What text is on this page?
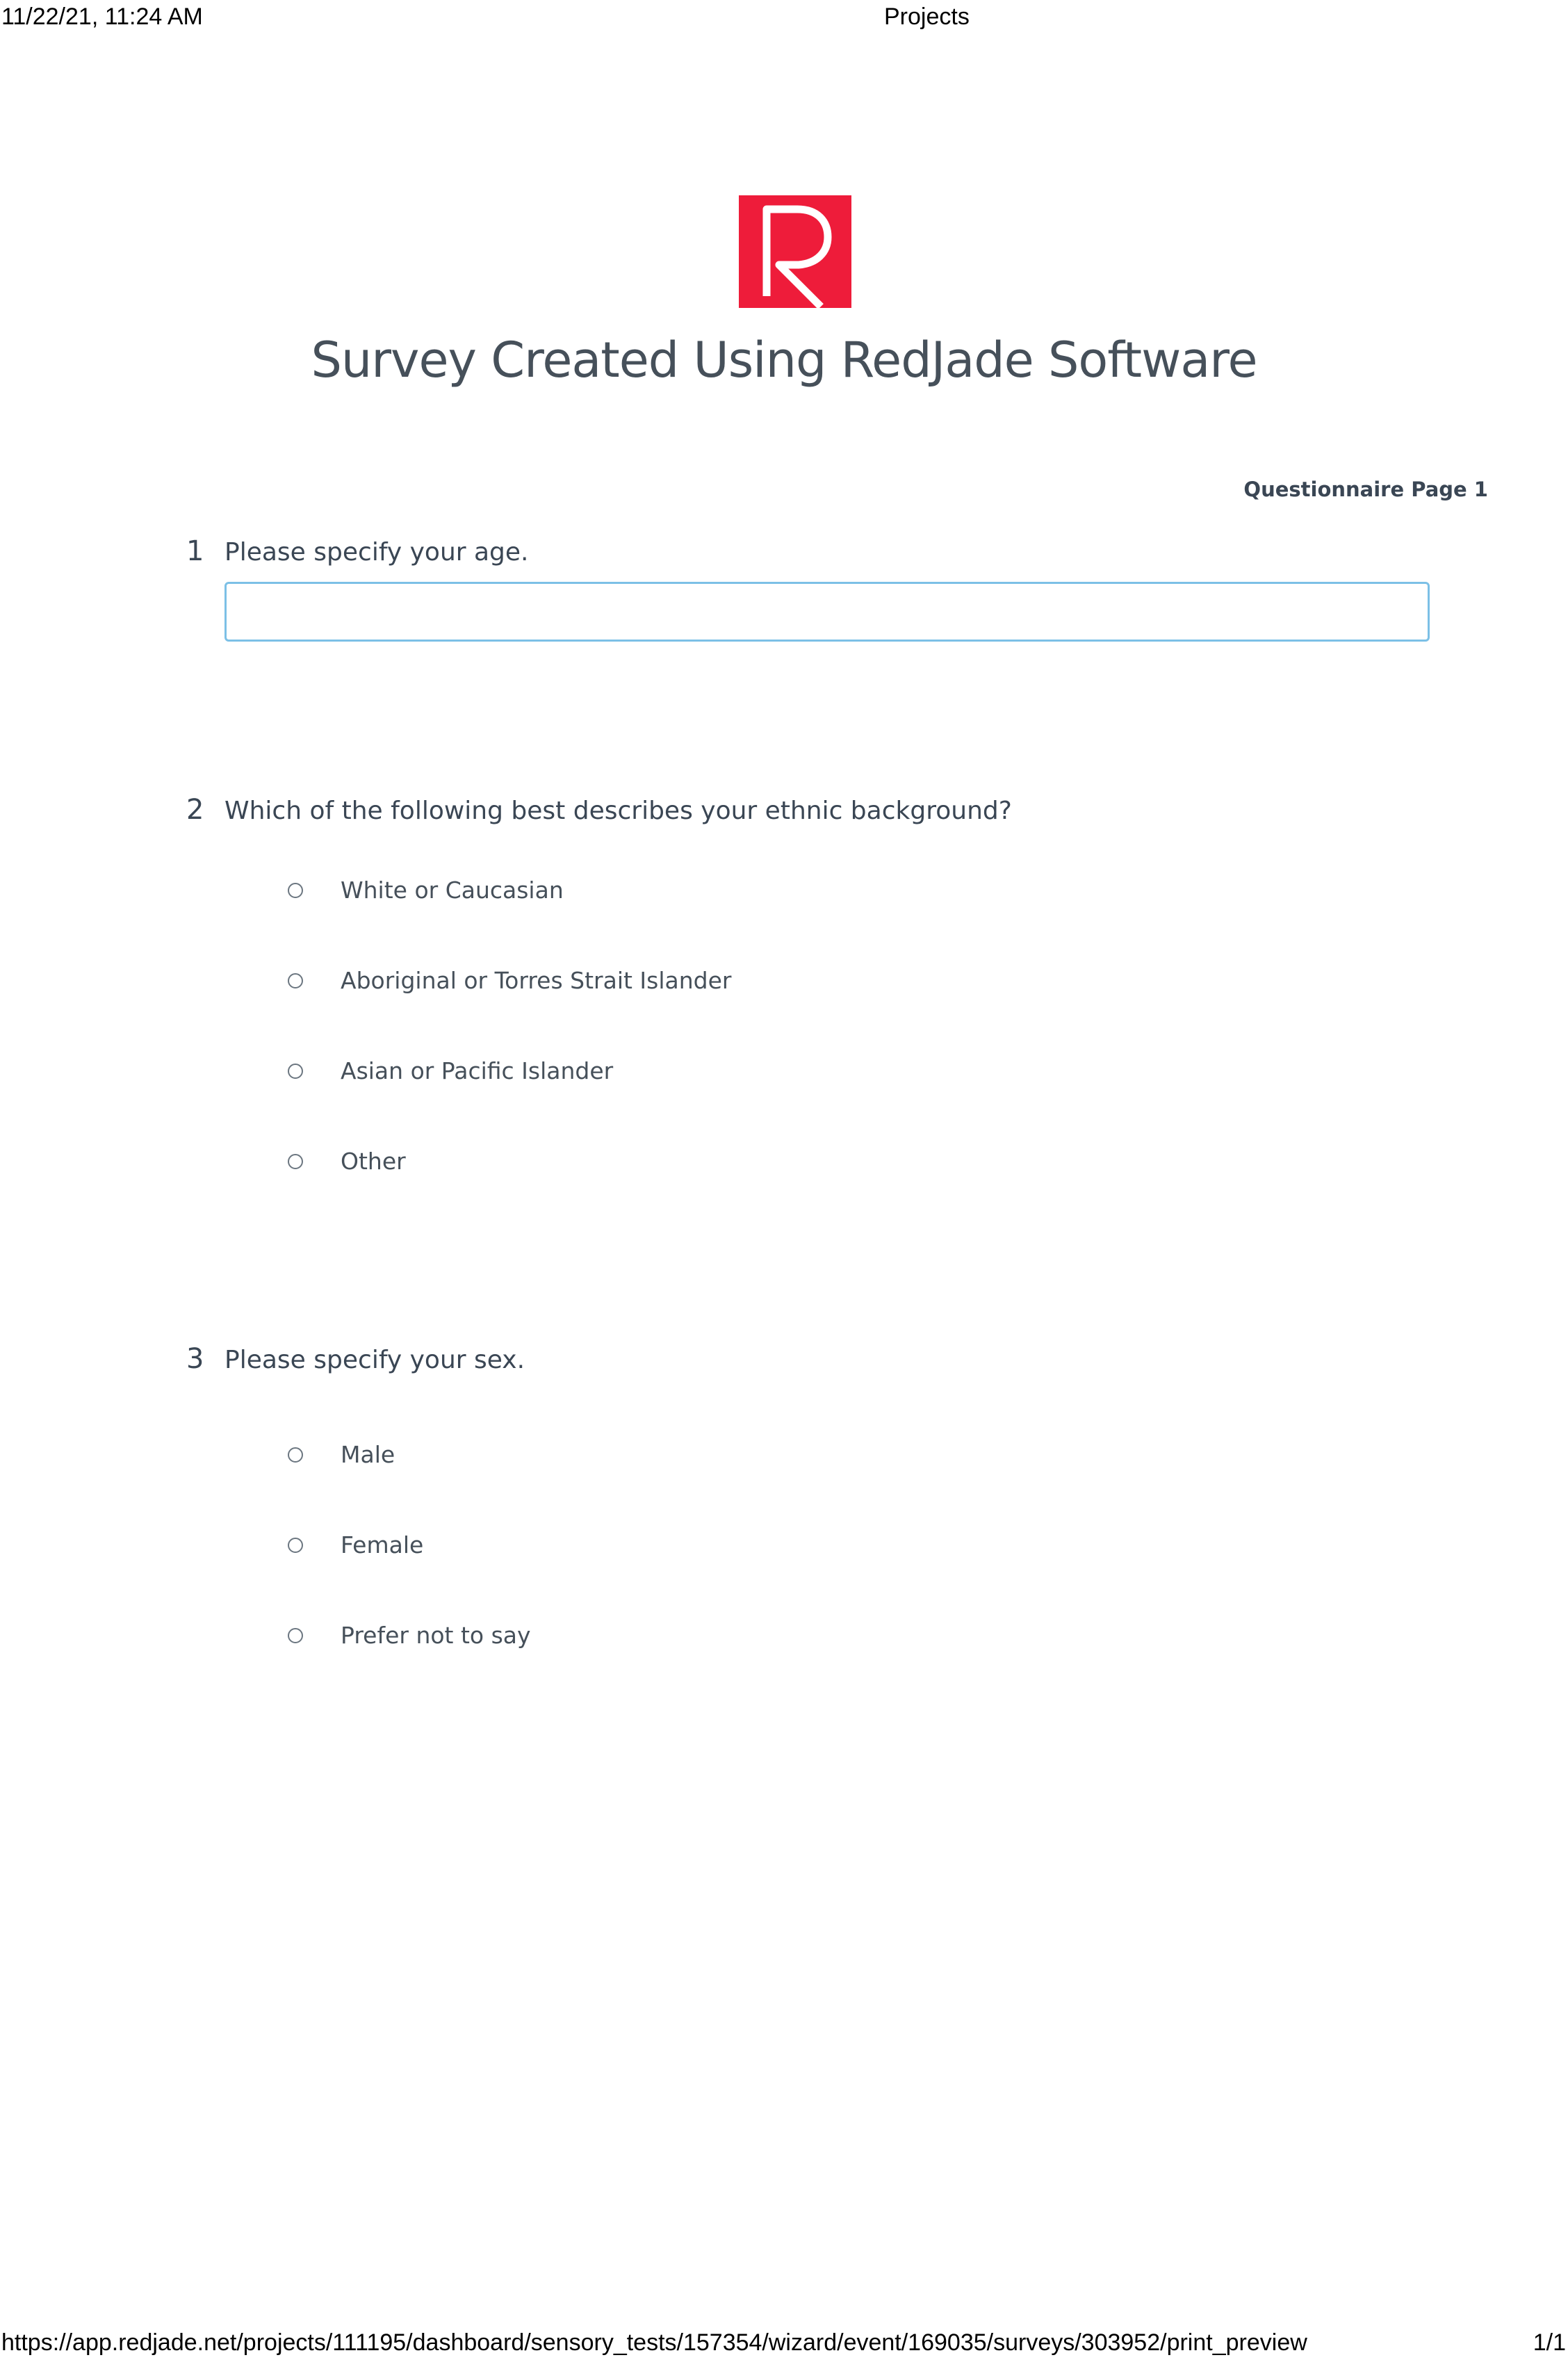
11/22/21, 11:24 AM	Projects
Survey Created Using RedJade Software
Questionnaire Page 1
1 Please specify your age.
2 Which of the following best describes your ethnic background?
White or Caucasian
Aboriginal or Torres Strait Islander
Asian or Pacific Islander
Other
3 Please specify your sex.
Male
Female
Prefer not to say
https://app.redjade.net/projects/111195/dashboard/sensory_tests/157354/wizard/event/169035/surveys/303952/print_preview	1/1
